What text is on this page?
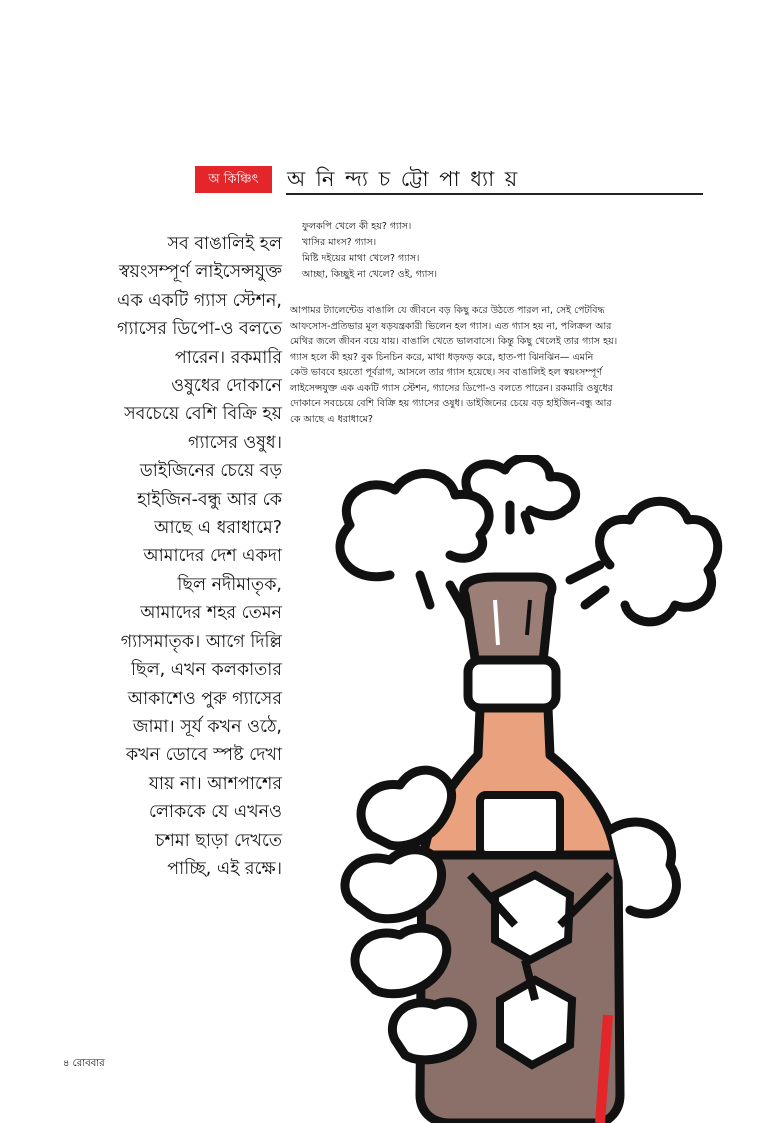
অ কিঞ্চিৎ	অ নি ন্দ্য চ ট্টো পা ধ্যা য়
সব বাঙালিই হল
স্বয়ংসম্পূর্ণ লাইসেন্সযুক্ত
এক একটি গ্যাস স্টেশন,
গ্যাসের ডিপো-ও বলতে
পারেন। রকমারি
ওষুধের দোকানে
সবচেয়ে বেশি বিক্রি হয়
গ্যাসের ওষুধ।
ডাইজিনের চেয়ে বড়
হাইজিন-বন্ধু আর কে
আছে এ ধরাধামে?
আমাদের দেশ একদা
ছিল নদীমাতৃক,
আমাদের শহর তেমন
গ্যাসমাতৃক। আগে দিল্লি
ছিল, এখন কলকাতার
আকাশেও পুরু গ্যাসের
জামা। সূর্য কখন ওঠে,
কখন ডোবে স্পষ্ট দেখা
যায় না। আশপাশের
লোককে যে এখনও
চশমা ছাড়া দেখতে
পাচ্ছি, এই রক্ষে।
ফুলকপি খেলে কী হয়? গ্যাস।
খাসির মাংস? গ্যাস।
মিষ্টি দইয়ের মাথা খেলে? গ্যাস।
আচ্ছা, কিচ্ছুই না খেলে? ওই, গ্যাস।
আপামর ট্যালেন্টেড বাঙালি যে জীবনে বড় কিছু করে উঠতে পারল না, সেই পেটবিদ্ধ
আফসোস-প্রতিভার মূল ষড়যন্ত্রকারী ভিলেন হল গ্যাস। এত গ্যাস হয় না, পলিক্রল আর
মেথির জলে জীবন বয়ে যায়। বাঙালি খেতে ভালবাসে। কিন্তু কিছু খেলেই তার গ্যাস হয়।
গ্যাস হলে কী হয়? বুক চিনচিন করে, মাথা ধড়ফড় করে, হাত-পা ঝিনঝিন— এমনি
কেউ ভাববে হয়তো পূর্বরাগ, আসলে তার গ্যাস হয়েছে। সব বাঙালিই হল স্বয়ংসম্পূর্ণ
লাইসেন্সযুক্ত এক একটি গ্যাস স্টেশন, গ্যাসের ডিপো-ও বলতে পারেন। রকমারি ওষুধের
দোকানে সবচেয়ে বেশি বিক্রি হয় গ্যাসের ওষুধ। ডাইজিনের চেয়ে বড় হাইজিন-বন্ধু আর
কে আছে এ ধরাধামে?
৪ রোববার
